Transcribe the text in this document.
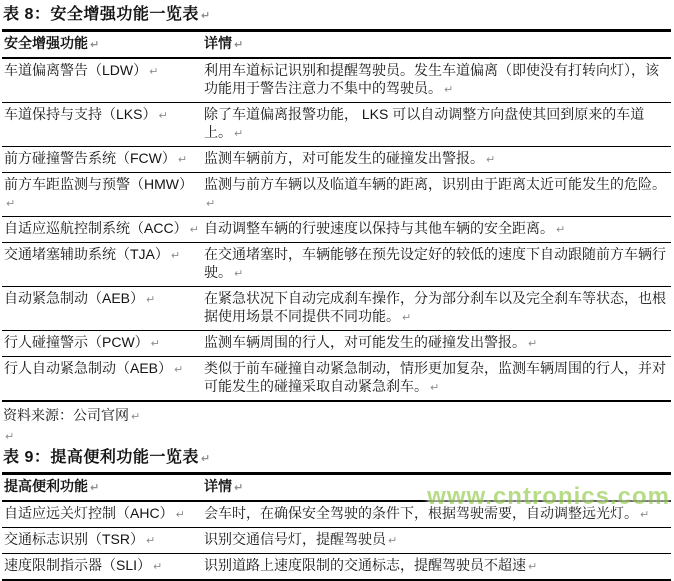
表 8：安全增强功能一览表 ↵
安全增强功能 ↵	详情 ↵
车道偏离警告（LDW） ↵	利用车道标记识别和提醒驾驶员。发生车道偏离（即使没有打转向灯），该功能用于警告注意力不集中的驾驶员。 ↵
车道保持与支持（LKS） ↵	除了车道偏离报警功能， LKS 可以自动调整方向盘使其回到原来的车道上。 ↵
前方碰撞警告系统（FCW） ↵	监测车辆前方，对可能发生的碰撞发出警报。 ↵
前方车距监测与预警（HMW）↵	监测与前方车辆以及临道车辆的距离，识别由于距离太近可能发生的危险。↵
自适应巡航控制系统（ACC） ↵	自动调整车辆的行驶速度以保持与其他车辆的安全距离。 ↵
交通堵塞辅助系统（TJA） ↵	在交通堵塞时，车辆能够在预先设定好的较低的速度下自动跟随前方车辆行驶。 ↵
自动紧急制动（AEB） ↵	在紧急状况下自动完成刹车操作，分为部分刹车以及完全刹车等状态，也根据使用场景不同提供不同功能。 ↵
行人碰撞警示（PCW） ↵	监测车辆周围的行人，对可能发生的碰撞发出警报。 ↵
行人自动紧急制动（AEB） ↵	类似于前车碰撞自动紧急制动，情形更加复杂，监测车辆周围的行人，并对可能发生的碰撞采取自动紧急刹车。 ↵
资料来源：公司官网 ↵
↵
表 9：提高便利功能一览表 ↵
提高便利功能 ↵	详情 ↵
自适应远关灯控制（AHC） ↵	会车时，在确保安全驾驶的条件下，根据驾驶需要，自动调整远光灯。 ↵
交通标志识别（TSR） ↵	识别交通信号灯，提醒驾驶员 ↵
速度限制指示器（SLI） ↵	识别道路上速度限制的交通标志，提醒驾驶员不超速 ↵
www.cntronics.com
